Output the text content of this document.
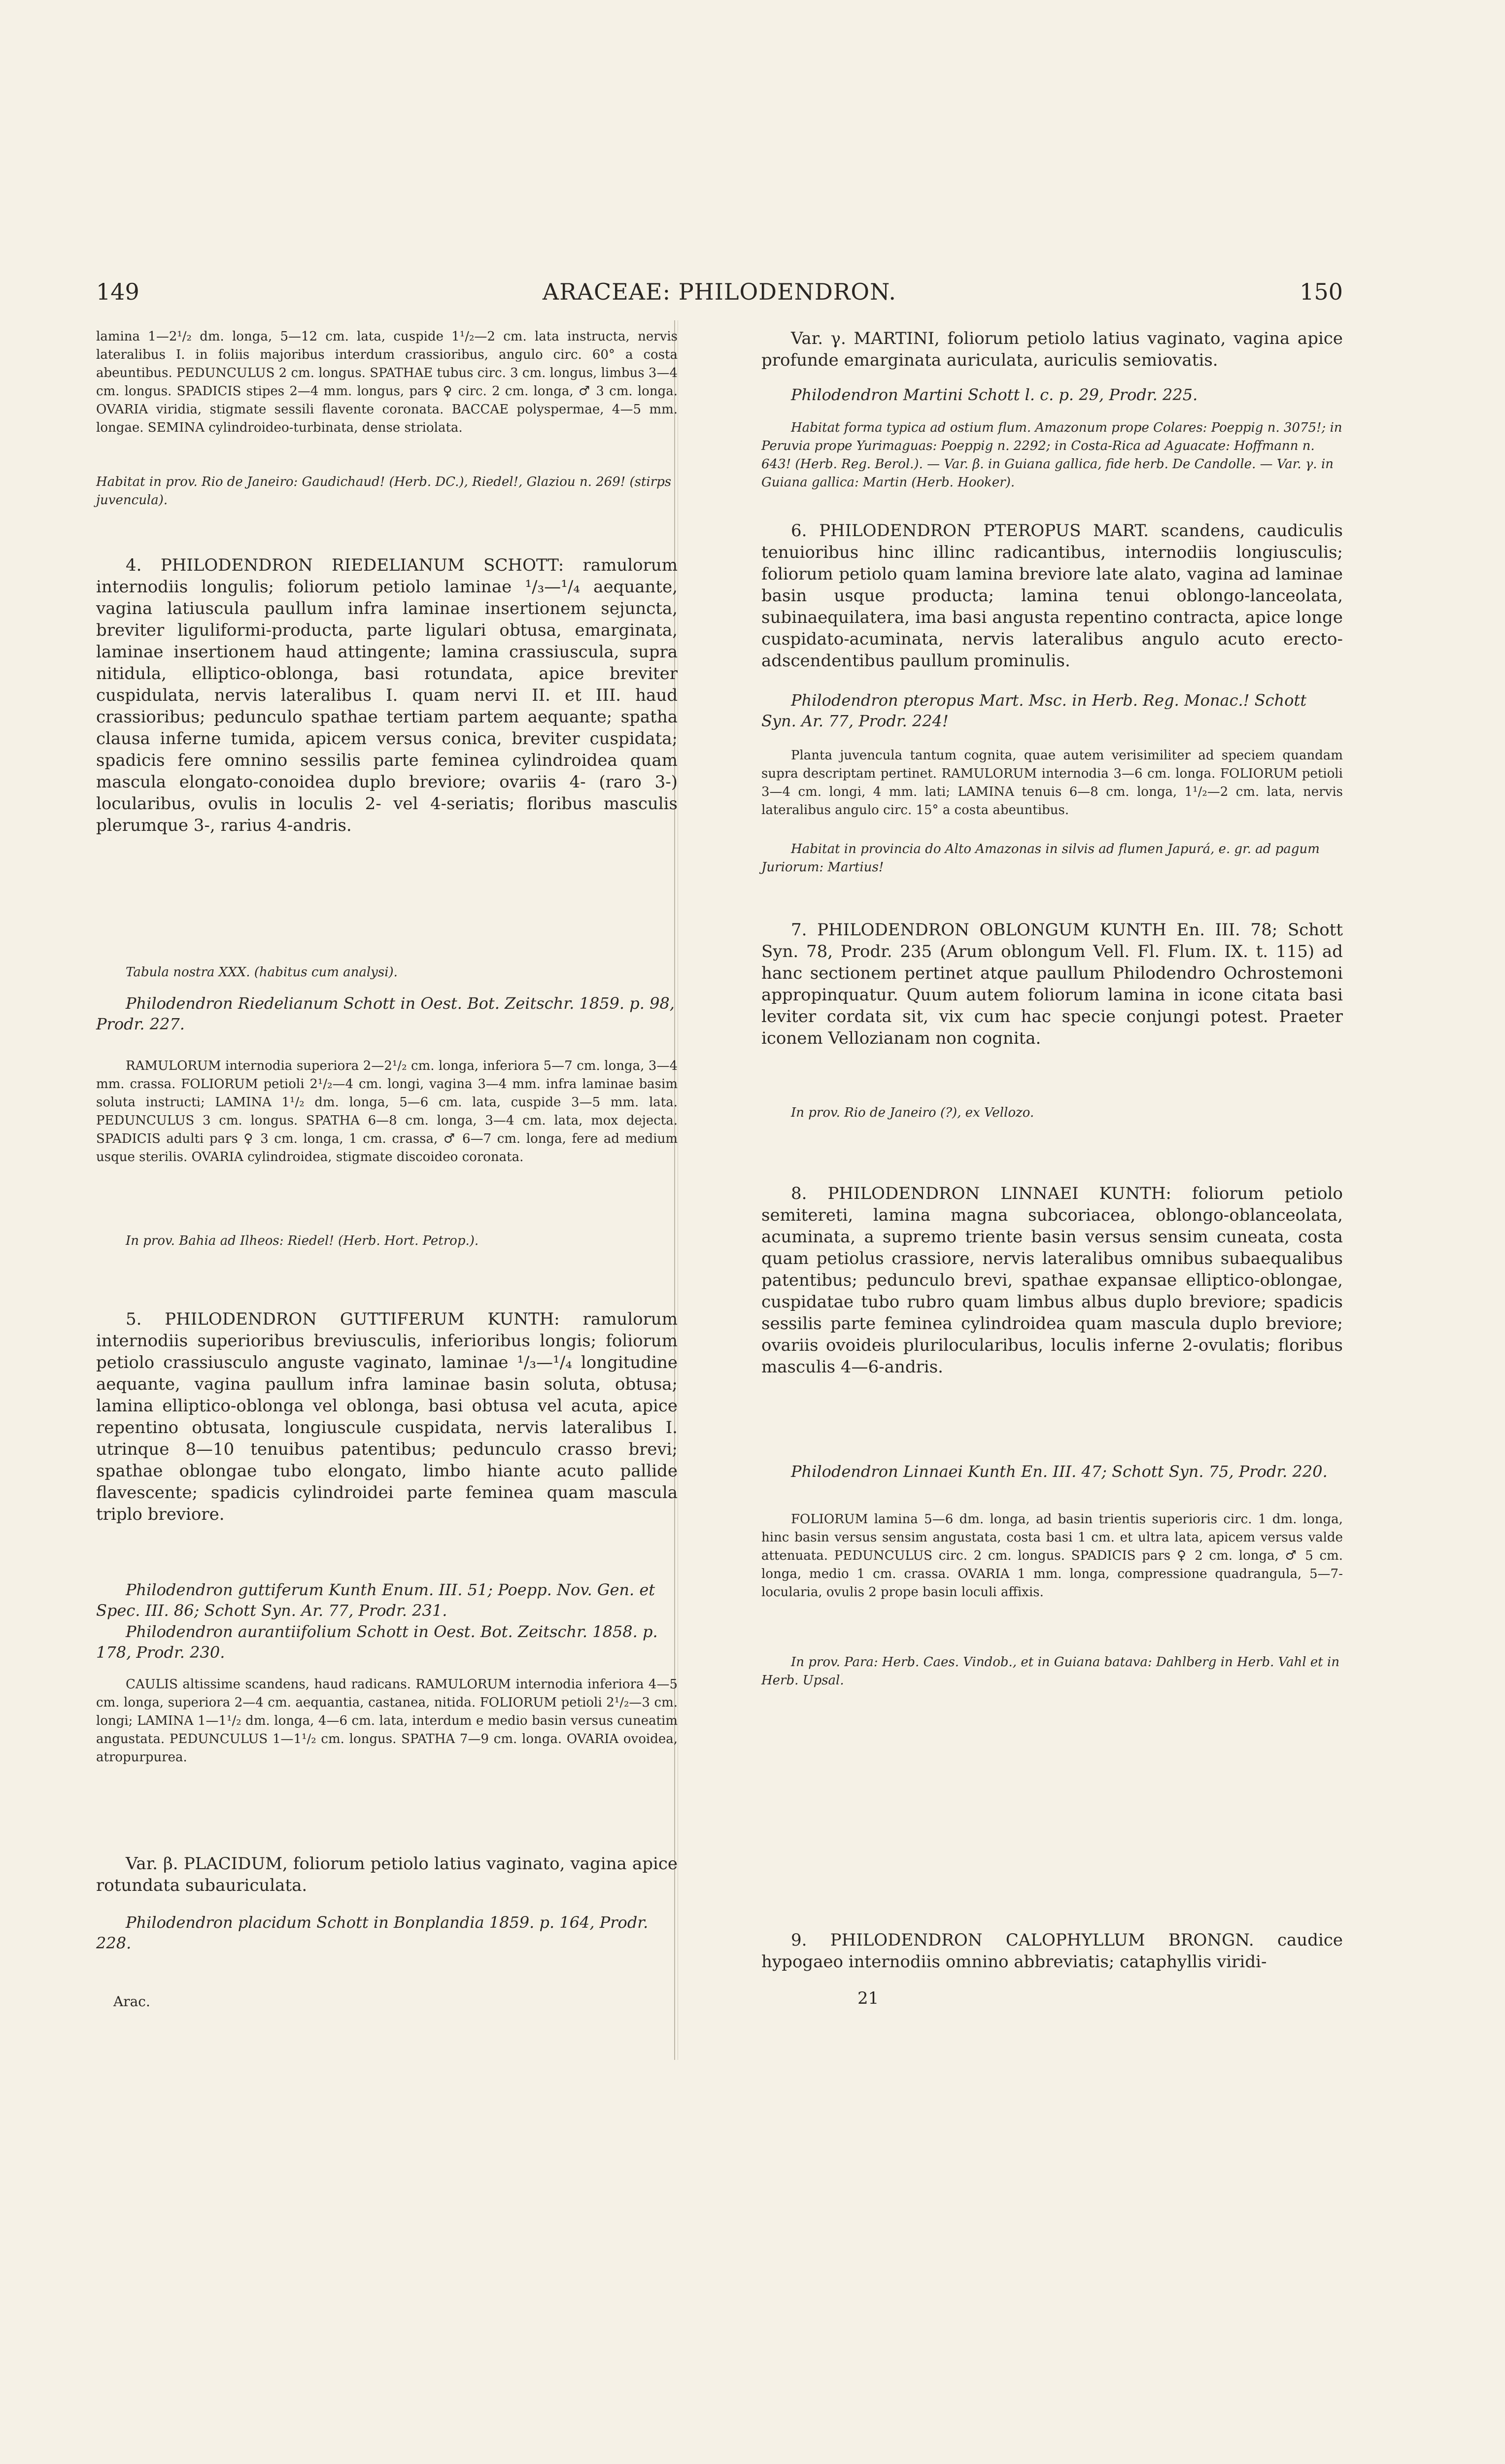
149	ARACEAE: PHILODENDRON.	150
lamina 1—2¹/₂ dm. longa, 5—12 cm. lata, cuspide 1¹/₂—2 cm. lata instructa, nervis lateralibus I. in foliis majoribus interdum crassioribus, angulo circ. 60° a costa abeuntibus. PEDUNCULUS 2 cm. longus. SPATHAE tubus circ. 3 cm. longus, limbus 3—4 cm. longus. SPADICIS stipes 2—4 mm. longus, pars ♀ circ. 2 cm. longa, ♂ 3 cm. longa. OVARIA viridia, stigmate sessili flavente coronata. BACCAE polyspermae, 4—5 mm. longae. SEMINA cylindroideo-turbinata, dense striolata.
Habitat in prov. Rio de Janeiro: Gaudichaud! (Herb. DC.), Riedel!, Glaziou n. 269! (stirps juvencula).
4. PHILODENDRON RIEDELIANUM SCHOTT: ramulorum internodiis longulis; foliorum petiolo laminae ¹/₃—¹/₄ aequante, vagina latiuscula paullum infra laminae insertionem sejuncta, breviter liguliformi-producta, parte ligulari obtusa, emarginata, laminae insertionem haud attingente; lamina crassiuscula, supra nitidula, elliptico-oblonga, basi rotundata, apice breviter cuspidulata, nervis lateralibus I. quam nervi II. et III. haud crassioribus; pedunculo spathae tertiam partem aequante; spatha clausa inferne tumida, apicem versus conica, breviter cuspidata; spadicis fere omnino sessilis parte feminea cylindroidea quam mascula elongato-conoidea duplo breviore; ovariis 4- (raro 3-) locularibus, ovulis in loculis 2- vel 4-seriatis; floribus masculis plerumque 3-, rarius 4-andris.
Tabula nostra XXX. (habitus cum analysi).
Philodendron Riedelianum Schott in Oest. Bot. Zeitschr. 1859. p. 98, Prodr. 227.
RAMULORUM internodia superiora 2—2¹/₂ cm. longa, inferiora 5—7 cm. longa, 3—4 mm. crassa. FOLIORUM petioli 2¹/₂—4 cm. longi, vagina 3—4 mm. infra laminae basim soluta instructi; LAMINA 1¹/₂ dm. longa, 5—6 cm. lata, cuspide 3—5 mm. lata. PEDUNCULUS 3 cm. longus. SPATHA 6—8 cm. longa, 3—4 cm. lata, mox dejecta. SPADICIS adulti pars ♀ 3 cm. longa, 1 cm. crassa, ♂ 6—7 cm. longa, fere ad medium usque sterilis. OVARIA cylindroidea, stigmate discoideo coronata.
In prov. Bahia ad Ilheos: Riedel! (Herb. Hort. Petrop.).
5. PHILODENDRON GUTTIFERUM KUNTH: ramulorum internodiis superioribus breviusculis, inferioribus longis; foliorum petiolo crassiusculo anguste vaginato, laminae ¹/₃—¹/₄ longitudine aequante, vagina paullum infra laminae basin soluta, obtusa; lamina elliptico-oblonga vel oblonga, basi obtusa vel acuta, apice repentino obtusata, longiuscule cuspidata, nervis lateralibus I. utrinque 8—10 tenuibus patentibus; pedunculo crasso brevi; spathae oblongae tubo elongato, limbo hiante acuto pallide flavescente; spadicis cylindroidei parte feminea quam mascula triplo breviore.
Philodendron guttiferum Kunth Enum. III. 51; Poepp. Nov. Gen. et Spec. III. 86; Schott Syn. Ar. 77, Prodr. 231.
Philodendron aurantiifolium Schott in Oest. Bot. Zeitschr. 1858. p. 178, Prodr. 230.
CAULIS altissime scandens, haud radicans. RAMULORUM internodia inferiora 4—5 cm. longa, superiora 2—4 cm. aequantia, castanea, nitida. FOLIORUM petioli 2¹/₂—3 cm. longi; LAMINA 1—1¹/₂ dm. longa, 4—6 cm. lata, interdum e medio basin versus cuneatim angustata. PEDUNCULUS 1—1¹/₂ cm. longus. SPATHA 7—9 cm. longa. OVARIA ovoidea, atropurpurea.
Var. β. PLACIDUM, foliorum petiolo latius vaginato, vagina apice rotundata subauriculata.
Philodendron placidum Schott in Bonplandia 1859. p. 164, Prodr. 228.
Var. γ. MARTINI, foliorum petiolo latius vaginato, vagina apice profunde emarginata auriculata, auriculis semiovatis.
Philodendron Martini Schott l. c. p. 29, Prodr. 225.
Habitat forma typica ad ostium flum. Amazonum prope Colares: Poeppig n. 3075!; in Peruvia prope Yurimaguas: Poeppig n. 2292; in Costa-Rica ad Aguacate: Hoffmann n. 643! (Herb. Reg. Berol.). — Var. β. in Guiana gallica, fide herb. De Candolle. — Var. γ. in Guiana gallica: Martin (Herb. Hooker).
6. PHILODENDRON PTEROPUS MART. scandens, caudiculis tenuioribus hinc illinc radicantibus, internodiis longiusculis; foliorum petiolo quam lamina breviore late alato, vagina ad laminae basin usque producta; lamina tenui oblongo-lanceolata, subinaequilatera, ima basi angusta repentino contracta, apice longe cuspidato-acuminata, nervis lateralibus angulo acuto erecto-adscendentibus paullum prominulis.
Philodendron pteropus Mart. Msc. in Herb. Reg. Monac.! Schott Syn. Ar. 77, Prodr. 224!
Planta juvencula tantum cognita, quae autem verisimiliter ad speciem quandam supra descriptam pertinet. RAMULORUM internodia 3—6 cm. longa. FOLIORUM petioli 3—4 cm. longi, 4 mm. lati; LAMINA tenuis 6—8 cm. longa, 1¹/₂—2 cm. lata, nervis lateralibus angulo circ. 15° a costa abeuntibus.
Habitat in provincia do Alto Amazonas in silvis ad flumen Japurá, e. gr. ad pagum Juriorum: Martius!
7. PHILODENDRON OBLONGUM KUNTH En. III. 78; Schott Syn. 78, Prodr. 235 (Arum oblongum Vell. Fl. Flum. IX. t. 115) ad hanc sectionem pertinet atque paullum Philodendro Ochrostemoni appropinquatur. Quum autem foliorum lamina in icone citata basi leviter cordata sit, vix cum hac specie conjungi potest. Praeter iconem Vellozianam non cognita.
In prov. Rio de Janeiro (?), ex Vellozo.
8. PHILODENDRON LINNAEI KUNTH: foliorum petiolo semitereti, lamina magna subcoriacea, oblongo-oblanceolata, acuminata, a supremo triente basin versus sensim cuneata, costa quam petiolus crassiore, nervis lateralibus omnibus subaequalibus patentibus; pedunculo brevi, spathae expansae elliptico-oblongae, cuspidatae tubo rubro quam limbus albus duplo breviore; spadicis sessilis parte feminea cylindroidea quam mascula duplo breviore; ovariis ovoideis plurilocularibus, loculis inferne 2-ovulatis; floribus masculis 4—6-andris.
Philodendron Linnaei Kunth En. III. 47; Schott Syn. 75, Prodr. 220.
FOLIORUM lamina 5—6 dm. longa, ad basin trientis superioris circ. 1 dm. longa, hinc basin versus sensim angustata, costa basi 1 cm. et ultra lata, apicem versus valde attenuata. PEDUNCULUS circ. 2 cm. longus. SPADICIS pars ♀ 2 cm. longa, ♂ 5 cm. longa, medio 1 cm. crassa. OVARIA 1 mm. longa, compressione quadrangula, 5—7-locularia, ovulis 2 prope basin loculi affixis.
In prov. Para: Herb. Caes. Vindob., et in Guiana batava: Dahlberg in Herb. Vahl et in Herb. Upsal.
9. PHILODENDRON CALOPHYLLUM BRONGN. caudice hypogaeo internodiis omnino abbreviatis; cataphyllis viridi-
Arac.	21
